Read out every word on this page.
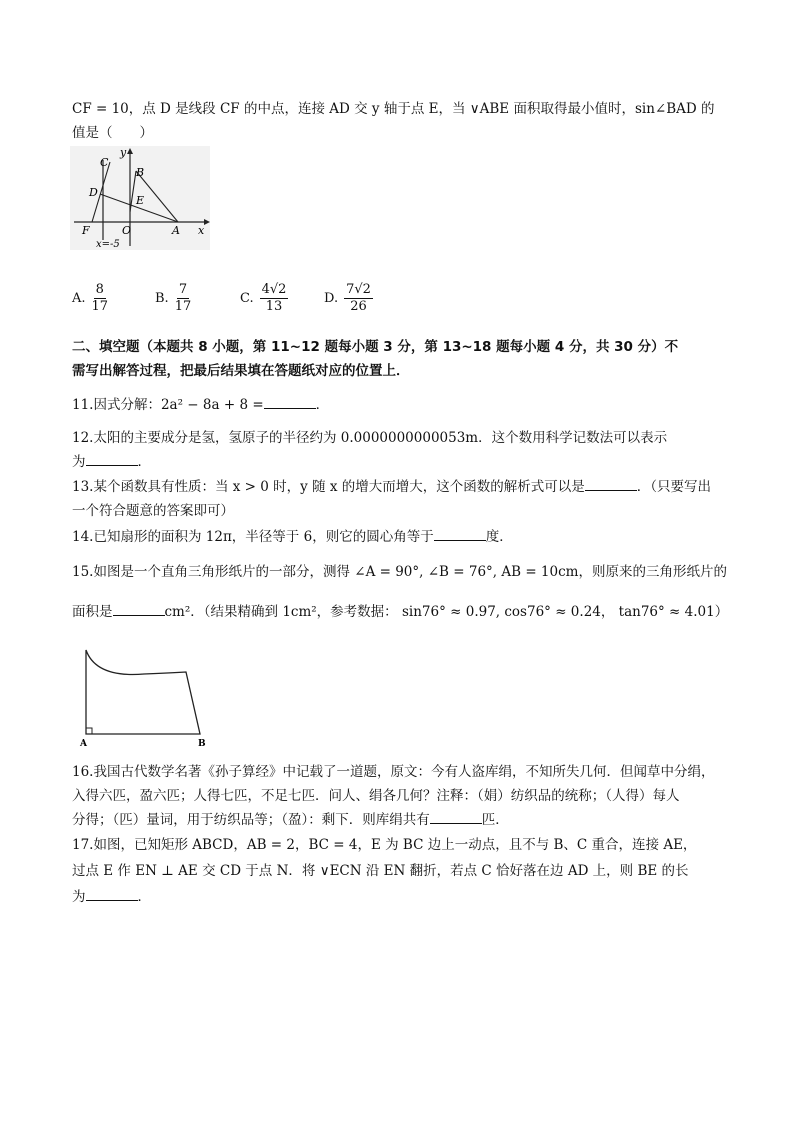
CF = 10，点 D 是线段 CF 的中点，连接 AD 交 y 轴于点 E，当 ∨ABE 面积取得最小值时，sin∠BAD 的
值是（　　）
C
D
B
E
F	O	A x
y
x=-5
A. $\frac{8}{17}$	B. $\frac{7}{17}$	C. $\frac{4√2}{13}$	D. $\frac{7√2}{26}$
二、填空题（本题共 8 小题，第 11~12 题每小题 3 分，第 13~18 题每小题 4 分，共 30 分）不
需写出解答过程，把最后结果填在答题纸对应的位置上．
11.因式分解：2a² − 8a + 8 =	．
12.太阳的主要成分是氢，氢原子的半径约为 0.0000000000053m．这个数用科学记数法可以表示
为	．
13.某个函数具有性质：当 x > 0 时，y 随 x 的增大而增大，这个函数的解析式可以是	．（只要写出
一个符合题意的答案即可）
14.已知扇形的面积为 12π，半径等于 6，则它的圆心角等于	度．
15.如图是一个直角三角形纸片的一部分，测得 ∠A = 90°, ∠B = 76°, AB = 10cm，则原来的三角形纸片的
面积是	cm²．（结果精确到 1cm²，参考数据： sin76° ≈ 0.97, cos76° ≈ 0.24， tan76° ≈ 4.01）
A	B
16.我国古代数学名著《孙子算经》中记载了一道题，原文：今有人盗库绢，不知所失几何．但闻草中分绢，
入得六匹，盈六匹；人得七匹，不足七匹．问人、绢各几何？注释：（娟）纺织品的统称；（人得）每人
分得；（匹）量词，用于纺织品等；（盈）：剩下．则库绢共有	匹．
17.如图，已知矩形 ABCD，AB = 2，BC = 4，E 为 BC 边上一动点，且不与 B、C 重合，连接 AE，
过点 E 作 EN ⊥ AE 交 CD 于点 N．将 ∨ECN 沿 EN 翻折，若点 C 恰好落在边 AD 上，则 BE 的长
为	．
